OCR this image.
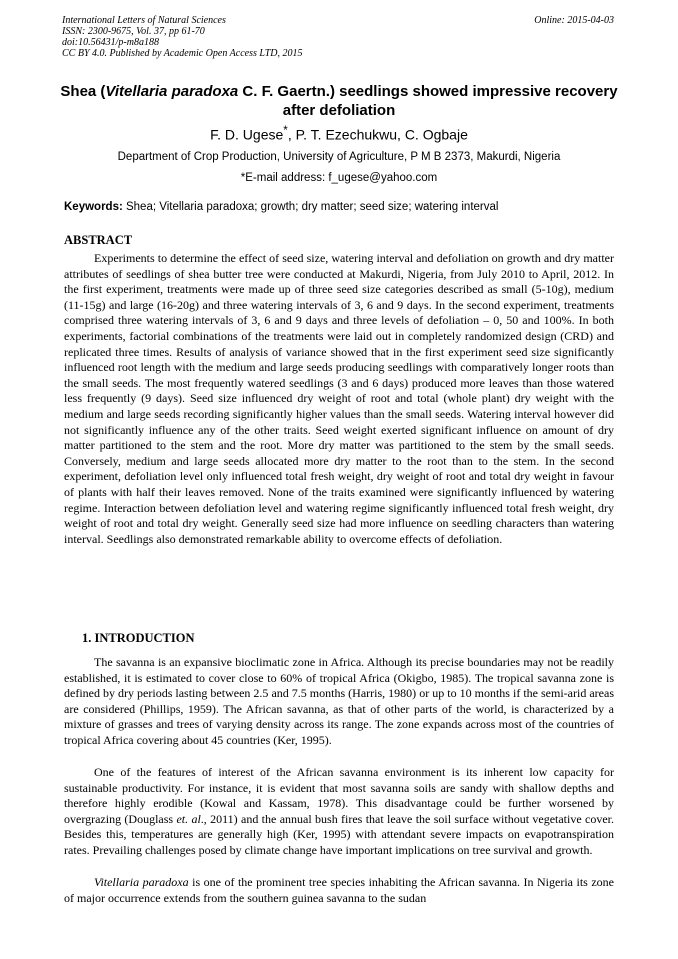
International Letters of Natural Sciences
ISSN: 2300-9675, Vol. 37, pp 61-70
doi:10.56431/p-m8a188
CC BY 4.0. Published by Academic Open Access LTD, 2015
Online: 2015-04-03
Shea (Vitellaria paradoxa C. F. Gaertn.) seedlings showed impressive recovery after defoliation
F. D. Ugese*, P. T. Ezechukwu, C. Ogbaje
Department of Crop Production, University of Agriculture, P M B 2373, Makurdi, Nigeria
*E-mail address: f_ugese@yahoo.com
Keywords: Shea; Vitellaria paradoxa; growth; dry matter; seed size; watering interval
ABSTRACT

Experiments to determine the effect of seed size, watering interval and defoliation on growth and dry matter attributes of seedlings of shea butter tree were conducted at Makurdi, Nigeria, from July 2010 to April, 2012. In the first experiment, treatments were made up of three seed size categories described as small (5-10g), medium (11-15g) and large (16-20g) and three watering intervals of 3, 6 and 9 days. In the second experiment, treatments comprised three watering intervals of 3, 6 and 9 days and three levels of defoliation – 0, 50 and 100%. In both experiments, factorial combinations of the treatments were laid out in completely randomized design (CRD) and replicated three times. Results of analysis of variance showed that in the first experiment seed size significantly influenced root length with the medium and large seeds producing seedlings with comparatively longer roots than the small seeds. The most frequently watered seedlings (3 and 6 days) produced more leaves than those watered less frequently (9 days). Seed size influenced dry weight of root and total (whole plant) dry weight with the medium and large seeds recording significantly higher values than the small seeds. Watering interval however did not significantly influence any of the other traits. Seed weight exerted significant influence on amount of dry matter partitioned to the stem and the root. More dry matter was partitioned to the stem by the small seeds. Conversely, medium and large seeds allocated more dry matter to the root than to the stem. In the second experiment, defoliation level only influenced total fresh weight, dry weight of root and total dry weight in favour of plants with half their leaves removed. None of the traits examined were significantly influenced by watering regime. Interaction between defoliation level and watering regime significantly influenced total fresh weight, dry weight of root and total dry weight. Generally seed size had more influence on seedling characters than watering interval. Seedlings also demonstrated remarkable ability to overcome effects of defoliation.

1. INTRODUCTION

The savanna is an expansive bioclimatic zone in Africa. Although its precise boundaries may not be readily established, it is estimated to cover close to 60% of tropical Africa (Okigbo, 1985). The tropical savanna zone is defined by dry periods lasting between 2.5 and 7.5 months (Harris, 1980) or up to 10 months if the semi-arid areas are considered (Phillips, 1959). The African savanna, as that of other parts of the world, is characterized by a mixture of grasses and trees of varying density across its range. The zone expands across most of the countries of tropical Africa covering about 45 countries (Ker, 1995).

One of the features of interest of the African savanna environment is its inherent low capacity for sustainable productivity. For instance, it is evident that most savanna soils are sandy with shallow depths and therefore highly erodible (Kowal and Kassam, 1978). This disadvantage could be further worsened by overgrazing (Douglass et. al., 2011) and the annual bush fires that leave the soil surface without vegetative cover. Besides this, temperatures are generally high (Ker, 1995) with attendant severe impacts on evapotranspiration rates. Prevailing challenges posed by climate change have important implications on tree survival and growth.

Vitellaria paradoxa is one of the prominent tree species inhabiting the African savanna. In Nigeria its zone of major occurrence extends from the southern guinea savanna to the sudan
